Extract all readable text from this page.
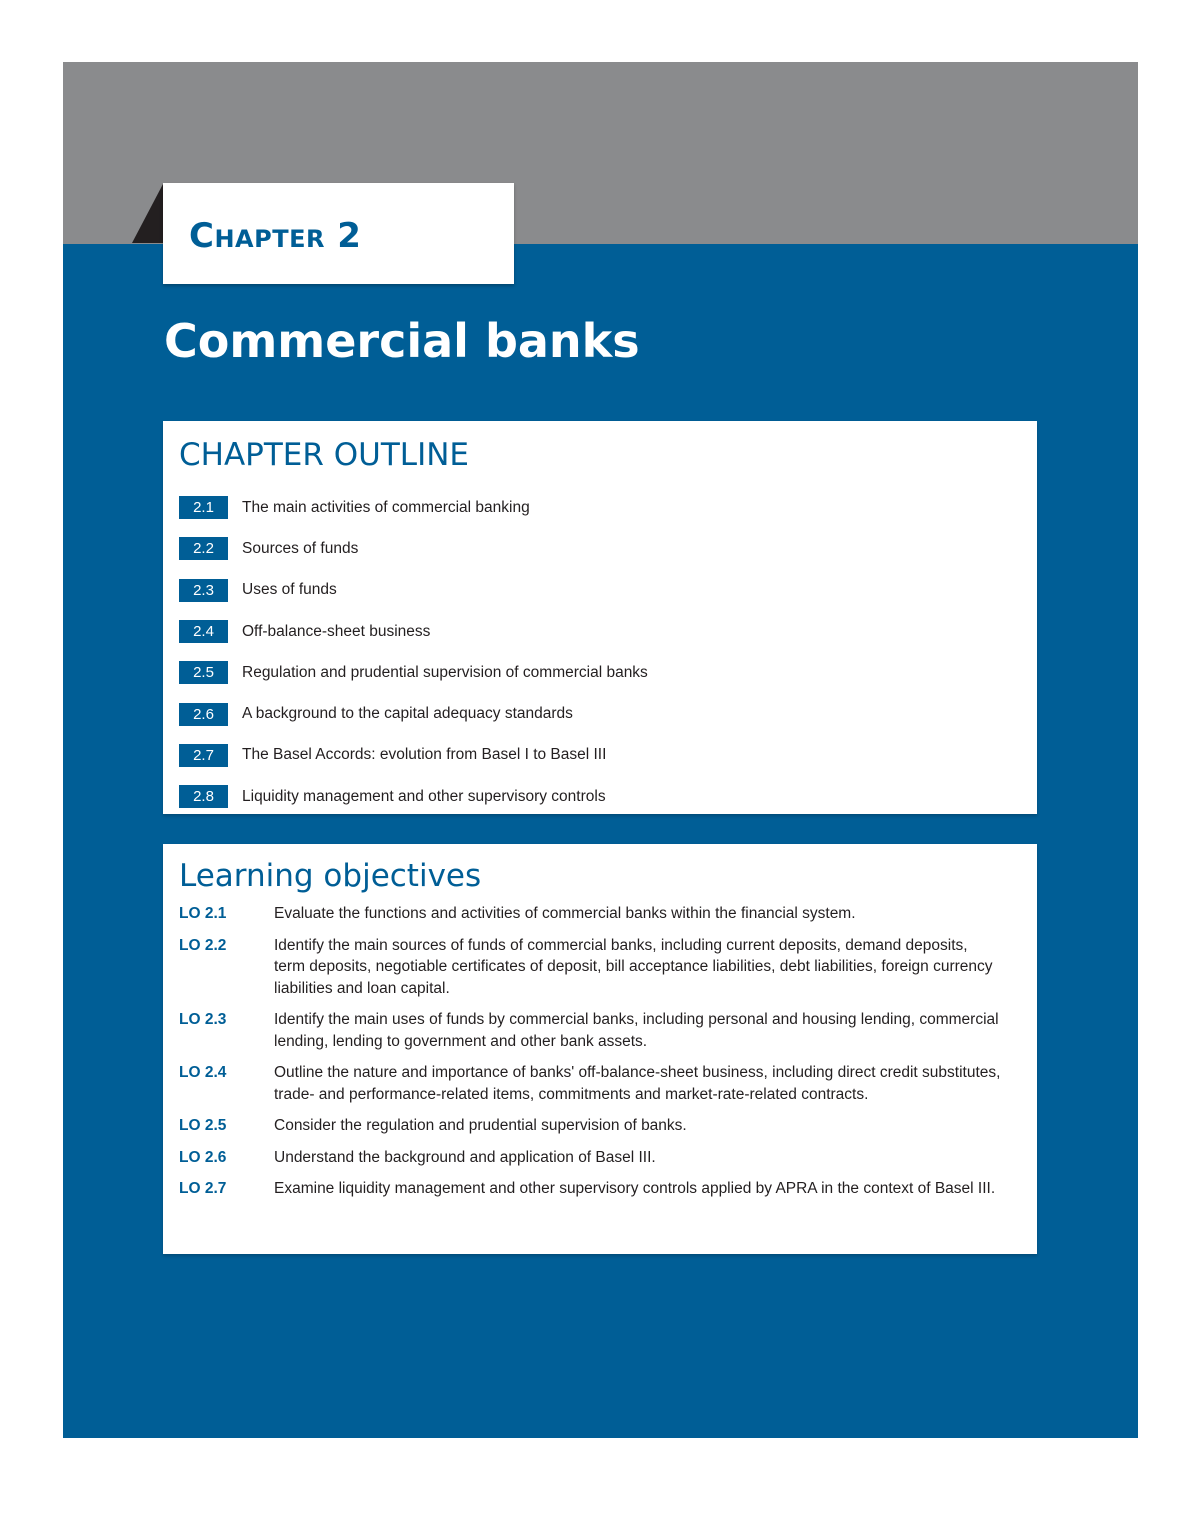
Chapter 2
Commercial banks
CHAPTER OUTLINE
2.1	The main activities of commercial banking
2.2	Sources of funds
2.3	Uses of funds
2.4	Off-balance-sheet business
2.5	Regulation and prudential supervision of commercial banks
2.6	A background to the capital adequacy standards
2.7	The Basel Accords: evolution from Basel I to Basel III
2.8	Liquidity management and other supervisory controls
Learning objectives
LO 2.1	Evaluate the functions and activities of commercial banks within the financial system.
LO 2.2	Identify the main sources of funds of commercial banks, including current deposits, demand deposits, term deposits, negotiable certificates of deposit, bill acceptance liabilities, debt liabilities, foreign currency liabilities and loan capital.
LO 2.3	Identify the main uses of funds by commercial banks, including personal and housing lending, commercial lending, lending to government and other bank assets.
LO 2.4	Outline the nature and importance of banks' off-balance-sheet business, including direct credit substitutes, trade- and performance-related items, commitments and market-rate-related contracts.
LO 2.5	Consider the regulation and prudential supervision of banks.
LO 2.6	Understand the background and application of Basel III.
LO 2.7	Examine liquidity management and other supervisory controls applied by APRA in the context of Basel III.
